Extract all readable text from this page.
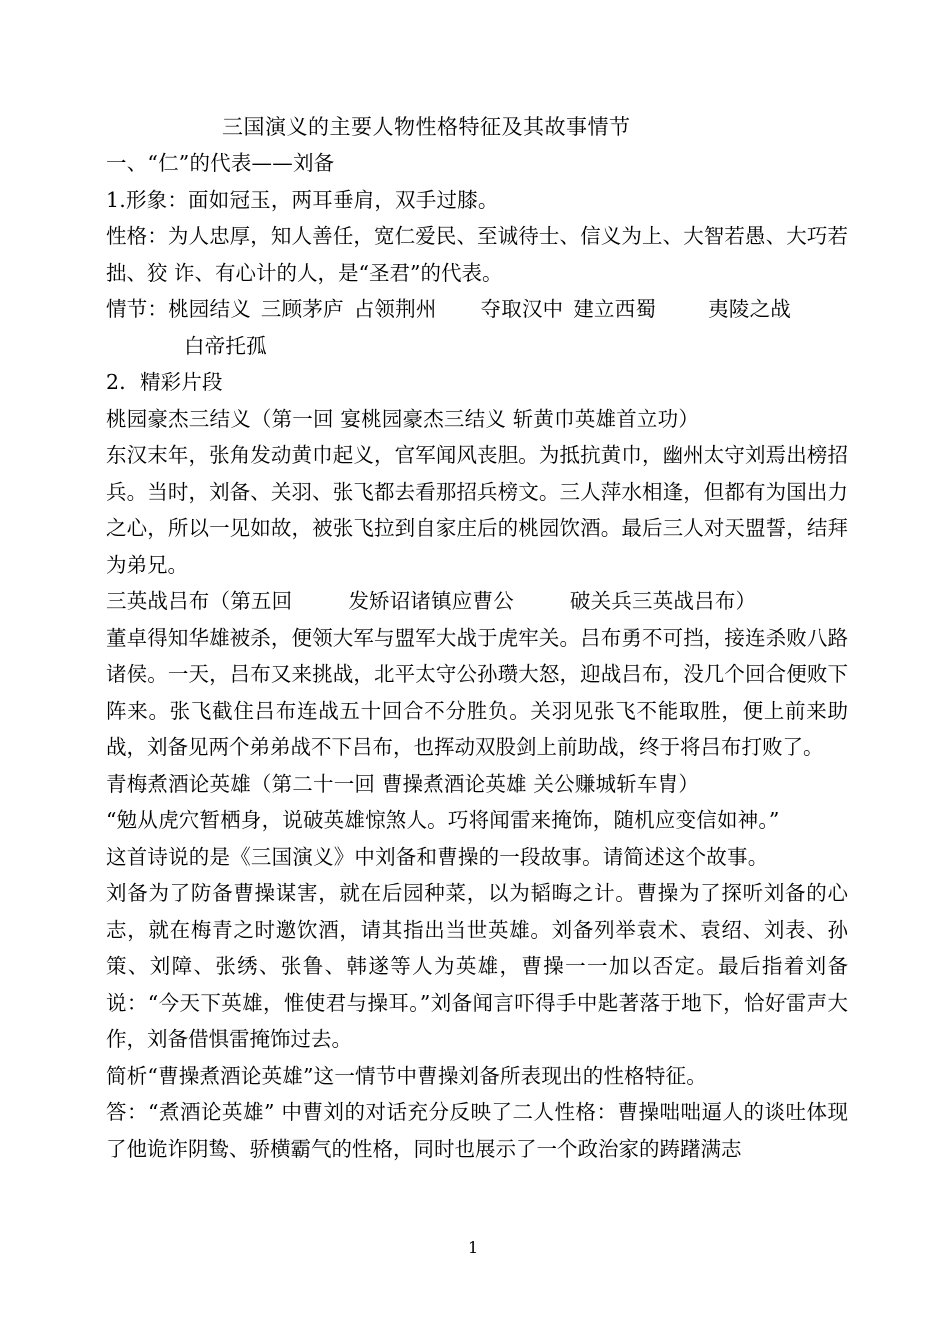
三国演义的主要人物性格特征及其故事情节
一、“仁”的代表——刘备
1.形象：面如冠玉，两耳垂肩，双手过膝。
性格：为人忠厚，知人善任，宽仁爱民、至诚待士、信义为上、大智若愚、大巧若拙、狡 诈、有心计的人，是“圣君”的代表。
情节：桃园结义 三顾茅庐 占领荆州 夺取汉中 建立西蜀	夷陵之战
白帝托孤
2．精彩片段
桃园豪杰三结义（第一回 宴桃园豪杰三结义 斩黄巾英雄首立功）
东汉末年，张角发动黄巾起义，官军闻风丧胆。为抵抗黄巾，幽州太守刘焉出榜招兵。当时，刘备、关羽、张飞都去看那招兵榜文。三人萍水相逢，但都有为国出力之心，所以一见如故，被张飞拉到自家庄后的桃园饮酒。最后三人对天盟誓，结拜为弟兄。
三英战吕布（第五回	发矫诏诸镇应曹公	破关兵三英战吕布）
董卓得知华雄被杀，便领大军与盟军大战于虎牢关。吕布勇不可挡，接连杀败八路诸侯。一天，吕布又来挑战，北平太守公孙瓒大怒，迎战吕布，没几个回合便败下阵来。张飞截住吕布连战五十回合不分胜负。关羽见张飞不能取胜，便上前来助战，刘备见两个弟弟战不下吕布，也挥动双股剑上前助战，终于将吕布打败了。
青梅煮酒论英雄（第二十一回 曹操煮酒论英雄 关公赚城斩车胄）
“勉从虎穴暂栖身，说破英雄惊煞人。巧将闻雷来掩饰，随机应变信如神。”
这首诗说的是《三国演义》中刘备和曹操的一段故事。请简述这个故事。
刘备为了防备曹操谋害，就在后园种菜，以为韬晦之计。曹操为了探听刘备的心志，就在梅青之时邀饮酒，请其指出当世英雄。刘备列举袁术、袁绍、刘表、孙策、刘障、张绣、张鲁、韩遂等人为英雄，曹操一一加以否定。最后指着刘备说：“今天下英雄，惟使君与操耳。”刘备闻言吓得手中匙著落于地下，恰好雷声大作，刘备借惧雷掩饰过去。
简析“曹操煮酒论英雄”这一情节中曹操刘备所表现出的性格特征。
答：“煮酒论英雄” 中曹刘的对话充分反映了二人性格：曹操咄咄逼人的谈吐体现了他诡诈阴鸷、骄横霸气的性格，同时也展示了一个政治家的踌躇满志
1
